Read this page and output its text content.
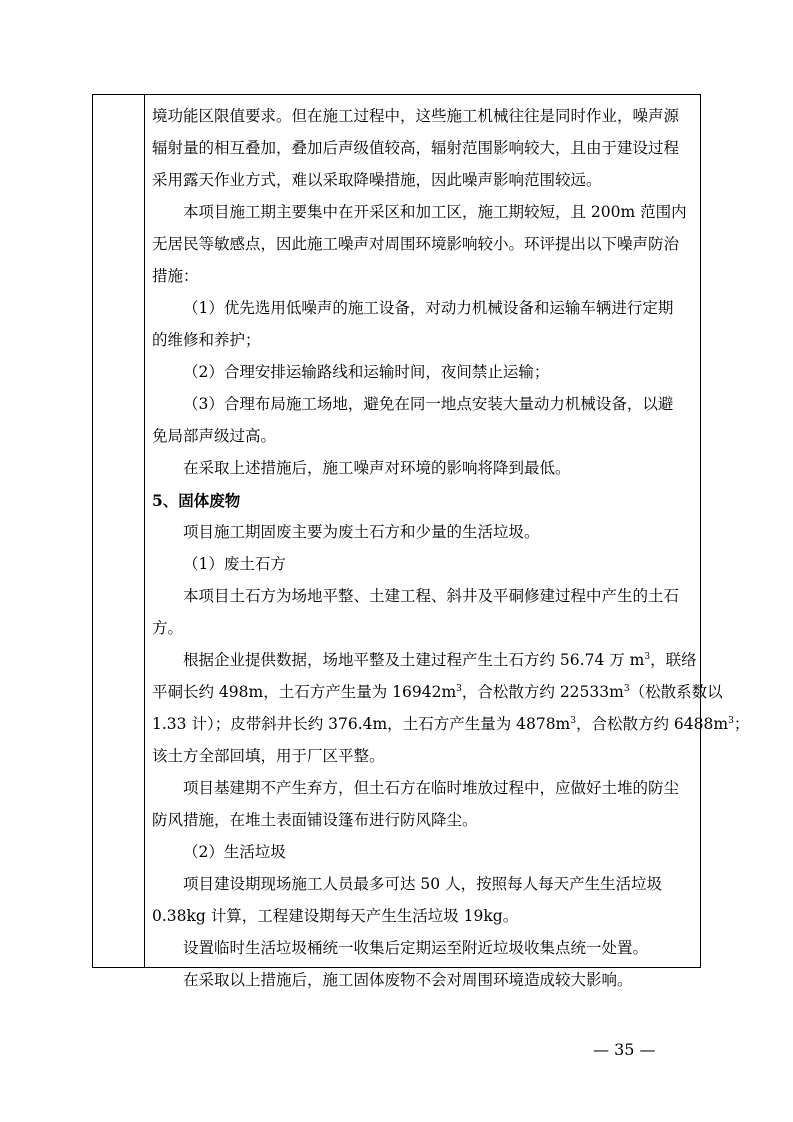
境功能区限值要求。但在施工过程中，这些施工机械往往是同时作业，噪声源
辐射量的相互叠加，叠加后声级值较高，辐射范围影响较大，且由于建设过程
采用露天作业方式，难以采取降噪措施，因此噪声影响范围较远。
本项目施工期主要集中在开采区和加工区，施工期较短，且 200m 范围内
无居民等敏感点，因此施工噪声对周围环境影响较小。环评提出以下噪声防治
措施：
（1）优先选用低噪声的施工设备，对动力机械设备和运输车辆进行定期
的维修和养护；
（2）合理安排运输路线和运输时间，夜间禁止运输；
（3）合理布局施工场地，避免在同一地点安装大量动力机械设备，以避
免局部声级过高。
在采取上述措施后，施工噪声对环境的影响将降到最低。
5、固体废物
项目施工期固废主要为废土石方和少量的生活垃圾。
（1）废土石方
本项目土石方为场地平整、土建工程、斜井及平硐修建过程中产生的土石
方。
根据企业提供数据，场地平整及土建过程产生土石方约 56.74 万 $m^3$，联络
平硐长约 498m，土石方产生量为 $16942m^3$，合松散方约 $22533m^3$（松散系数以
1.33 计）；皮带斜井长约 376.4m，土石方产生量为 $4878m^3$，合松散方约 $6488m^3$；
该土方全部回填，用于厂区平整。
项目基建期不产生弃方，但土石方在临时堆放过程中，应做好土堆的防尘
防风措施，在堆土表面铺设篷布进行防风降尘。
（2）生活垃圾
项目建设期现场施工人员最多可达 50 人，按照每人每天产生生活垃圾
0.38kg 计算，工程建设期每天产生生活垃圾 19kg。
设置临时生活垃圾桶统一收集后定期运至附近垃圾收集点统一处置。
在采取以上措施后，施工固体废物不会对周围环境造成较大影响。
— 35 —
